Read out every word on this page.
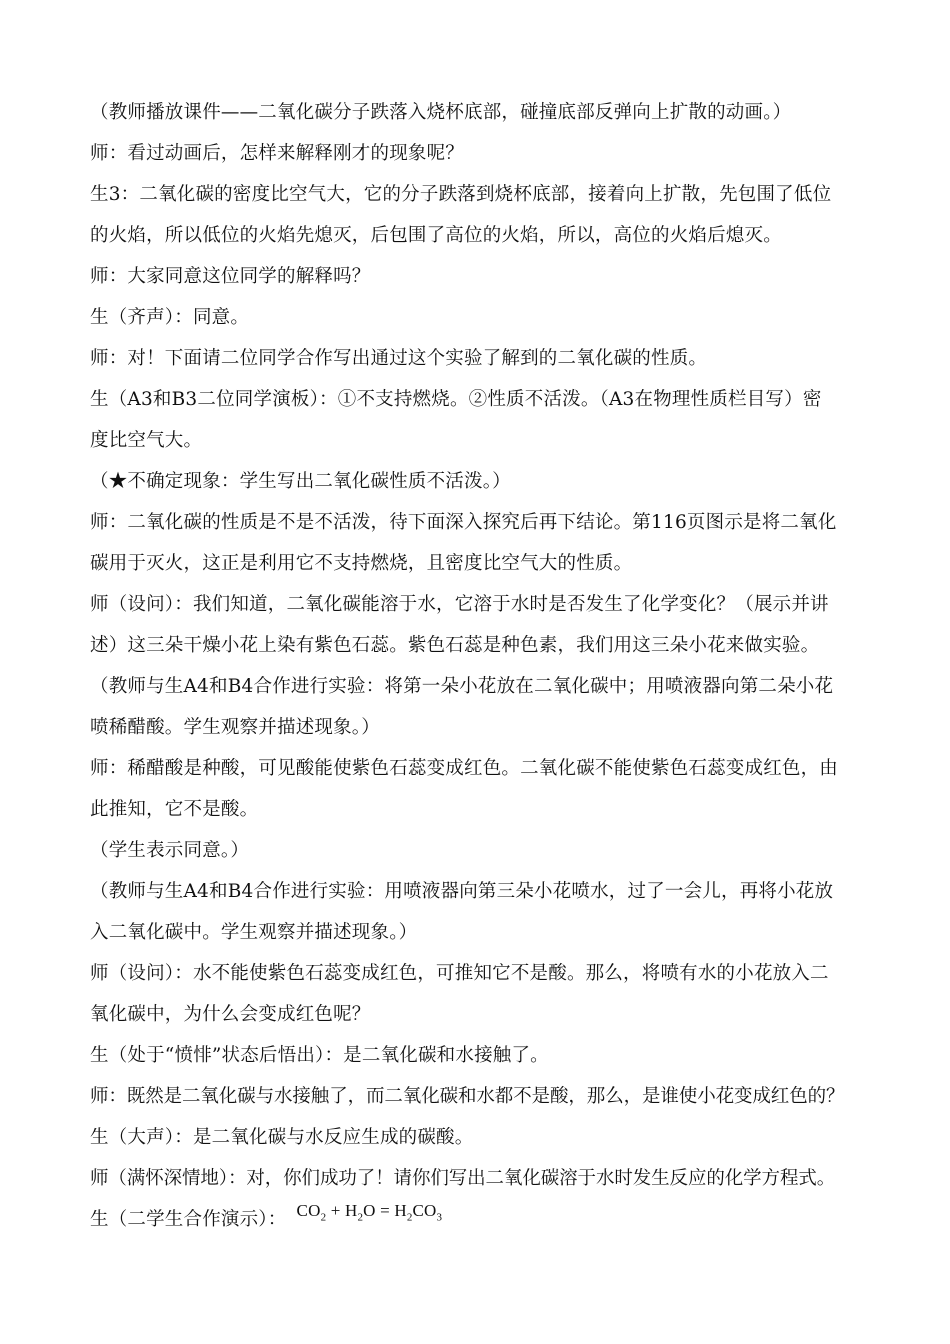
（教师播放课件——二氧化碳分子跌落入烧杯底部，碰撞底部反弹向上扩散的动画。）
师：看过动画后，怎样来解释刚才的现象呢？
生3：二氧化碳的密度比空气大，它的分子跌落到烧杯底部，接着向上扩散，先包围了低位
的火焰，所以低位的火焰先熄灭，后包围了高位的火焰，所以，高位的火焰后熄灭。
师：大家同意这位同学的解释吗？
生（齐声）：同意。
师：对！下面请二位同学合作写出通过这个实验了解到的二氧化碳的性质。
生（A3和B3二位同学演板）：①不支持燃烧。②性质不活泼。（A3在物理性质栏目写）密
度比空气大。
（★不确定现象：学生写出二氧化碳性质不活泼。）
师：二氧化碳的性质是不是不活泼，待下面深入探究后再下结论。第116页图示是将二氧化
碳用于灭火，这正是利用它不支持燃烧，且密度比空气大的性质。
师（设问）：我们知道，二氧化碳能溶于水，它溶于水时是否发生了化学变化？（展示并讲
述）这三朵干燥小花上染有紫色石蕊。紫色石蕊是种色素，我们用这三朵小花来做实验。
（教师与生A4和B4合作进行实验：将第一朵小花放在二氧化碳中；用喷液器向第二朵小花
喷稀醋酸。学生观察并描述现象。）
师：稀醋酸是种酸，可见酸能使紫色石蕊变成红色。二氧化碳不能使紫色石蕊变成红色，由
此推知，它不是酸。
（学生表示同意。）
（教师与生A4和B4合作进行实验：用喷液器向第三朵小花喷水，过了一会儿，再将小花放
入二氧化碳中。学生观察并描述现象。）
师（设问）：水不能使紫色石蕊变成红色，可推知它不是酸。那么，将喷有水的小花放入二
氧化碳中，为什么会变成红色呢？
生（处于“愤悱”状态后悟出）：是二氧化碳和水接触了。
师：既然是二氧化碳与水接触了，而二氧化碳和水都不是酸，那么，是谁使小花变成红色的？
生（大声）：是二氧化碳与水反应生成的碳酸。
师（满怀深情地）：对，你们成功了！请你们写出二氧化碳溶于水时发生反应的化学方程式。
生（二学生合作演示）： $CO_2 + H_2O = H_2CO_3$
